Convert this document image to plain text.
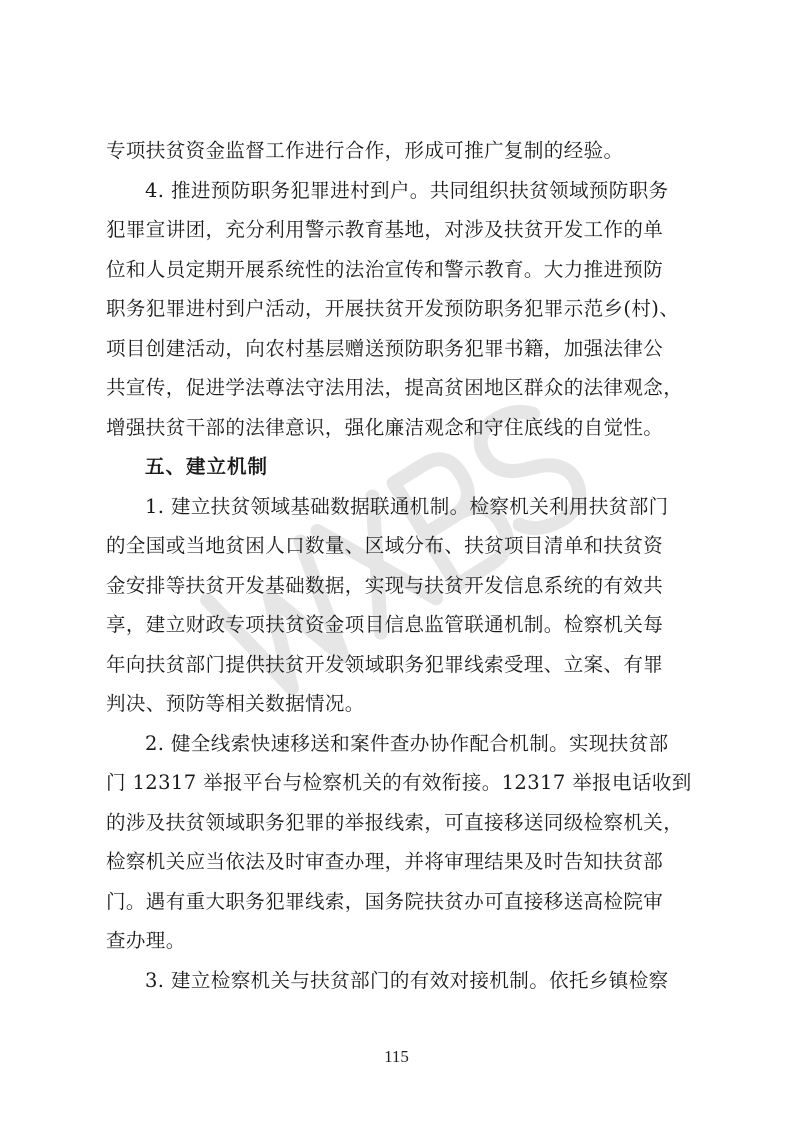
专项扶贫资金监督工作进行合作，形成可推广复制的经验。

4. 推进预防职务犯罪进村到户。共同组织扶贫领域预防职务
犯罪宣讲团，充分利用警示教育基地，对涉及扶贫开发工作的单
位和人员定期开展系统性的法治宣传和警示教育。大力推进预防
职务犯罪进村到户活动，开展扶贫开发预防职务犯罪示范乡(村)、
项目创建活动，向农村基层赠送预防职务犯罪书籍，加强法律公
共宣传，促进学法尊法守法用法，提高贫困地区群众的法律观念，
增强扶贫干部的法律意识，强化廉洁观念和守住底线的自觉性。

五、建立机制

1. 建立扶贫领域基础数据联通机制。检察机关利用扶贫部门
的全国或当地贫困人口数量、区域分布、扶贫项目清单和扶贫资
金安排等扶贫开发基础数据，实现与扶贫开发信息系统的有效共
享，建立财政专项扶贫资金项目信息监管联通机制。检察机关每
年向扶贫部门提供扶贫开发领域职务犯罪线索受理、立案、有罪
判决、预防等相关数据情况。

2. 健全线索快速移送和案件查办协作配合机制。实现扶贫部
门 12317 举报平台与检察机关的有效衔接。12317 举报电话收到
的涉及扶贫领域职务犯罪的举报线索，可直接移送同级检察机关，
检察机关应当依法及时审查办理，并将审理结果及时告知扶贫部
门。遇有重大职务犯罪线索，国务院扶贫办可直接移送高检院审
查办理。

3. 建立检察机关与扶贫部门的有效对接机制。依托乡镇检察

115
